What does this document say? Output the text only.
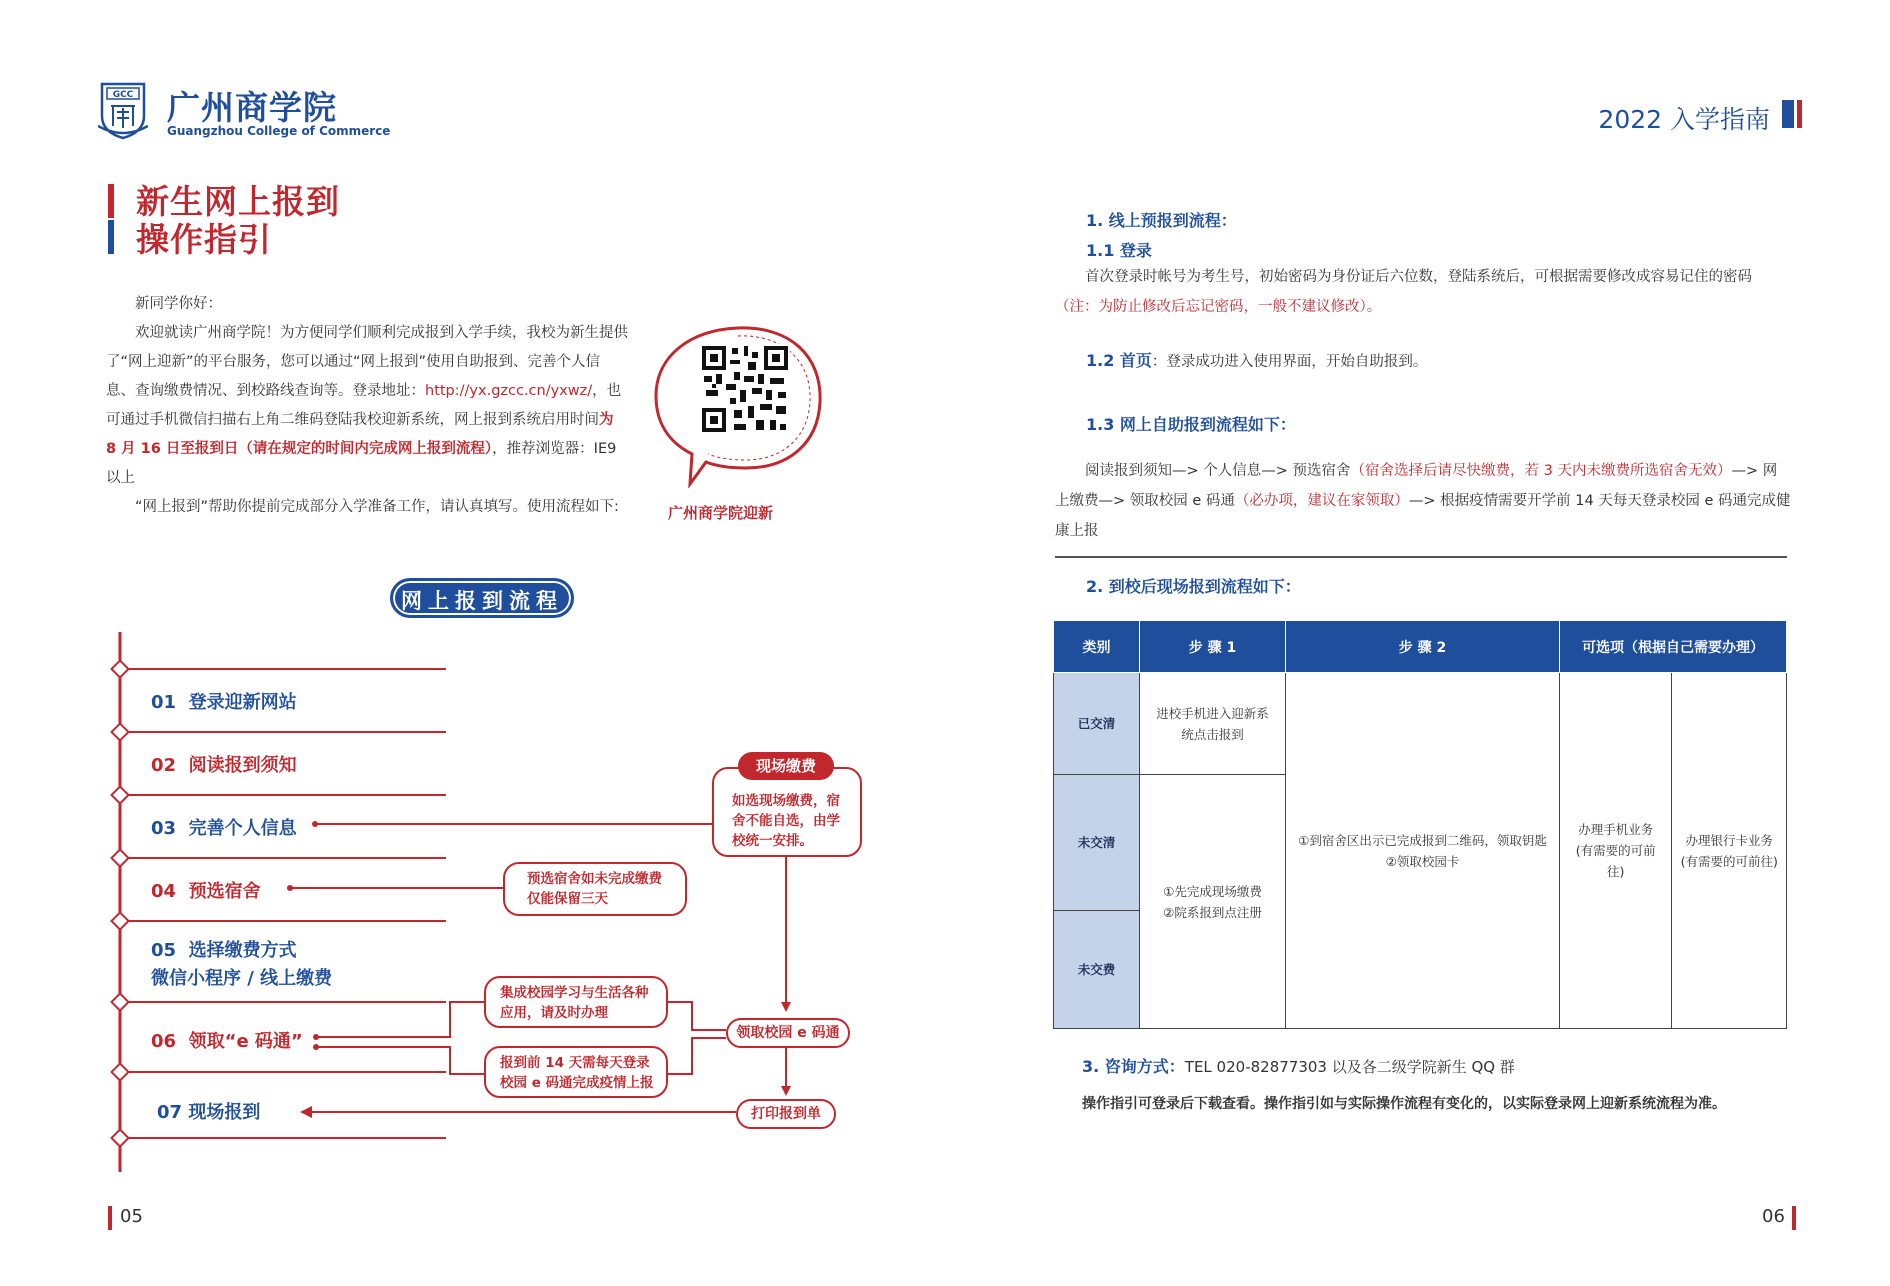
GCC 广州商学院
Guangzhou College of Commerce	2022 入学指南
新生网上报到
操作指引

新同学你好：

欢迎就读广州商学院！为方便同学们顺利完成报到入学手续，我校为新生提供了“网上迎新”的平台服务，您可以通过“网上报到”使用自助报到、完善个人信息、查询缴费情况、到校路线查询等。登录地址：http://yx.gzcc.cn/yxwz/，也可通过手机微信扫描右上角二维码登陆我校迎新系统，网上报到系统启用时间为 8 月 16 日至报到日（请在规定的时间内完成网上报到流程），推荐浏览器：IE9 以上

“网上报到”帮助你提前完成部分入学准备工作，请认真填写。使用流程如下:	广州商学院迎新
网上报到流程
01 登录迎新网站
02 阅读报到须知
03 完善个人信息
04 预选宿舍
05 选择缴费方式
微信小程序 / 线上缴费
06 领取“e 码通”
07 现场报到
如选现场缴费，宿舍不能自选，由学校统一安排。
现场缴费
预选宿舍如未完成缴费仅能保留三天
集成校园学习与生活各种应用，请及时办理
报到前 14 天需每天登录校园 e 码通完成疫情上报
领取校园 e 码通
打印报到单
05
1. 线上预报到流程：
1.1 登录
首次登录时帐号为考生号，初始密码为身份证后六位数，登陆系统后，可根据需要修改成容易记住的密码（注：为防止修改后忘记密码，一般不建议修改）。
1.2 首页：登录成功进入使用界面，开始自助报到。
1.3 网上自助报到流程如下：
阅读报到须知—> 个人信息—> 预选宿舍（宿舍选择后请尽快缴费，若 3 天内未缴费所选宿舍无效）—> 网上缴费—> 领取校园 e 码通（必办项，建议在家领取）—> 根据疫情需要开学前 14 天每天登录校园 e 码通完成健康上报
2. 到校后现场报到流程如下：
类别	步 骤 1	步 骤 2	可选项（根据自己需要办理）	
已交清	进校手机进入迎新系统点击报到	①到宿舍区出示已完成报到二维码，领取钥匙 ②领取校园卡	办理手机业务 (有需要的可前往)	办理银行卡业务 (有需要的可前往)
未交清	①先完成现场缴费 ②院系报到点注册			
未交费				
3. 咨询方式：TEL 020-82877303 以及各二级学院新生 QQ 群
操作指引可登录后下载查看。操作指引如与实际操作流程有变化的，以实际登录网上迎新系统流程为准。
06
